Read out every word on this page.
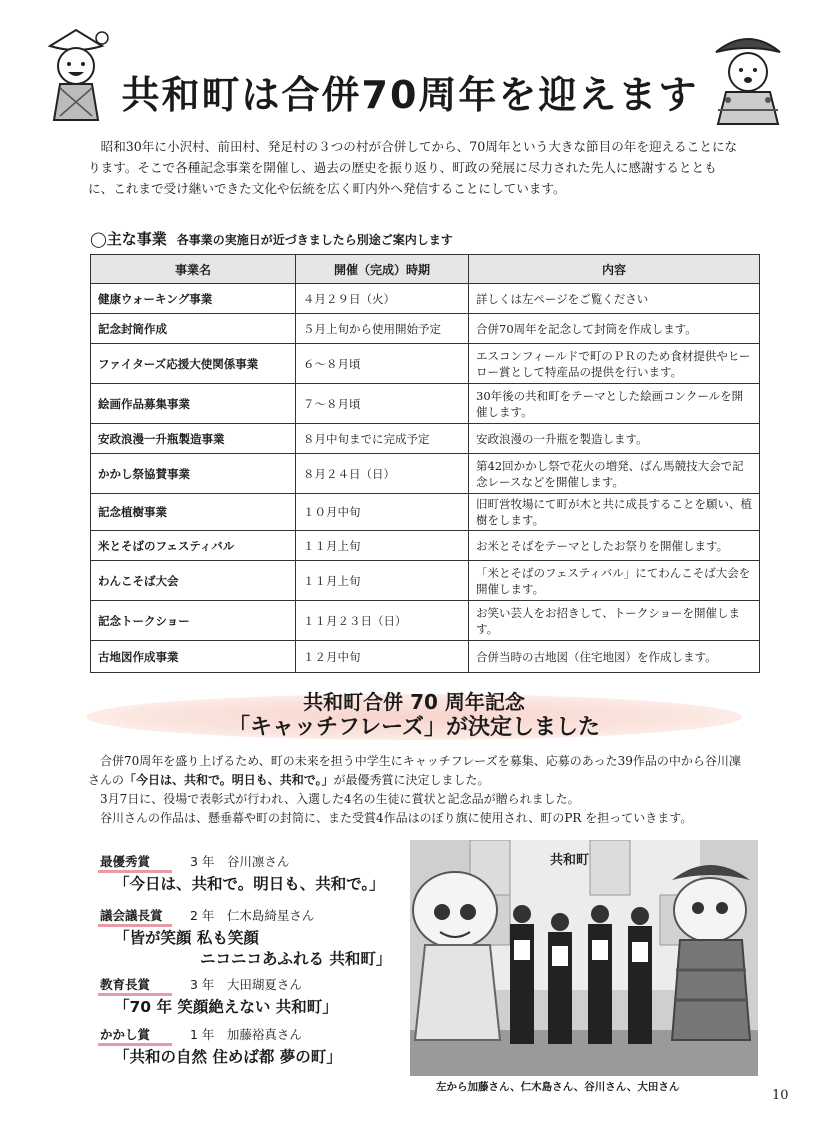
共和町は合併70周年を迎えます

昭和30年に小沢村、前田村、発足村の３つの村が合併してから、70周年という大きな節目の年を迎えることになります。そこで各種記念事業を開催し、過去の歴史を振り返り、町政の発展に尽力された先人に感謝するとともに、これまで受け継いできた文化や伝統を広く町内外へ発信することにしています。

◯主な事業 各事業の実施日が近づきましたら別途ご案内します
事業名	開催（完成）時期	内容
健康ウォーキング事業	４月２９日（火）	詳しくは左ページをご覧ください
記念封筒作成	５月上旬から使用開始予定	合併70周年を記念して封筒を作成します。
ファイターズ応援大使関係事業	６～８月頃	エスコンフィールドで町のＰＲのため食材提供やヒーロー賞として特産品の提供を行います。
絵画作品募集事業	７～８月頃	30年後の共和町をテーマとした絵画コンクールを開催します。
安政浪漫一升瓶製造事業	８月中旬までに完成予定	安政浪漫の一升瓶を製造します。
かかし祭協賛事業	８月２４日（日）	第42回かかし祭で花火の増発、ばん馬競技大会で記念レースなどを開催します。
記念植樹事業	１０月中旬	旧町営牧場にて町が木と共に成長することを願い、植樹をします。
米とそばのフェスティバル	１１月上旬	お米とそばをテーマとしたお祭りを開催します。
わんこそば大会	１１月上旬	「米とそばのフェスティバル」にてわんこそば大会を開催します。
記念トークショー	１１月２３日（日）	お笑い芸人をお招きして、トークショーを開催します。
古地図作成事業	１２月中旬	合併当時の古地図（住宅地図）を作成します。
共和町合併 70 周年記念
「キャッチフレーズ」が決定しました

合併70周年を盛り上げるため、町の未来を担う中学生にキャッチフレーズを募集、応募のあった39作品の中から谷川凜さんの「今日は、共和で。明日も、共和で。」が最優秀賞に決定しました。

3月7日に、役場で表彰式が行われ、入選した4名の生徒に賞状と記念品が贈られました。

谷川さんの作品は、懸垂幕や町の封筒に、また受賞4作品はのぼり旗に使用され、町のPR を担っていきます。

最優秀賞	3 年　谷川凛さん
「今日は、共和で。明日も、共和で。」
議会議長賞 2 年　仁木島綺星さん
「皆が笑顔 私も笑顔
ニコニコあふれる 共和町」
教育長賞	3 年　大田瑚夏さん
「70 年 笑顔絶えない 共和町」
かかし賞	1 年　加藤裕真さん
「共和の自然 住めば都 夢の町」
共和町
左から加藤さん、仁木島さん、谷川さん、大田さん
10
